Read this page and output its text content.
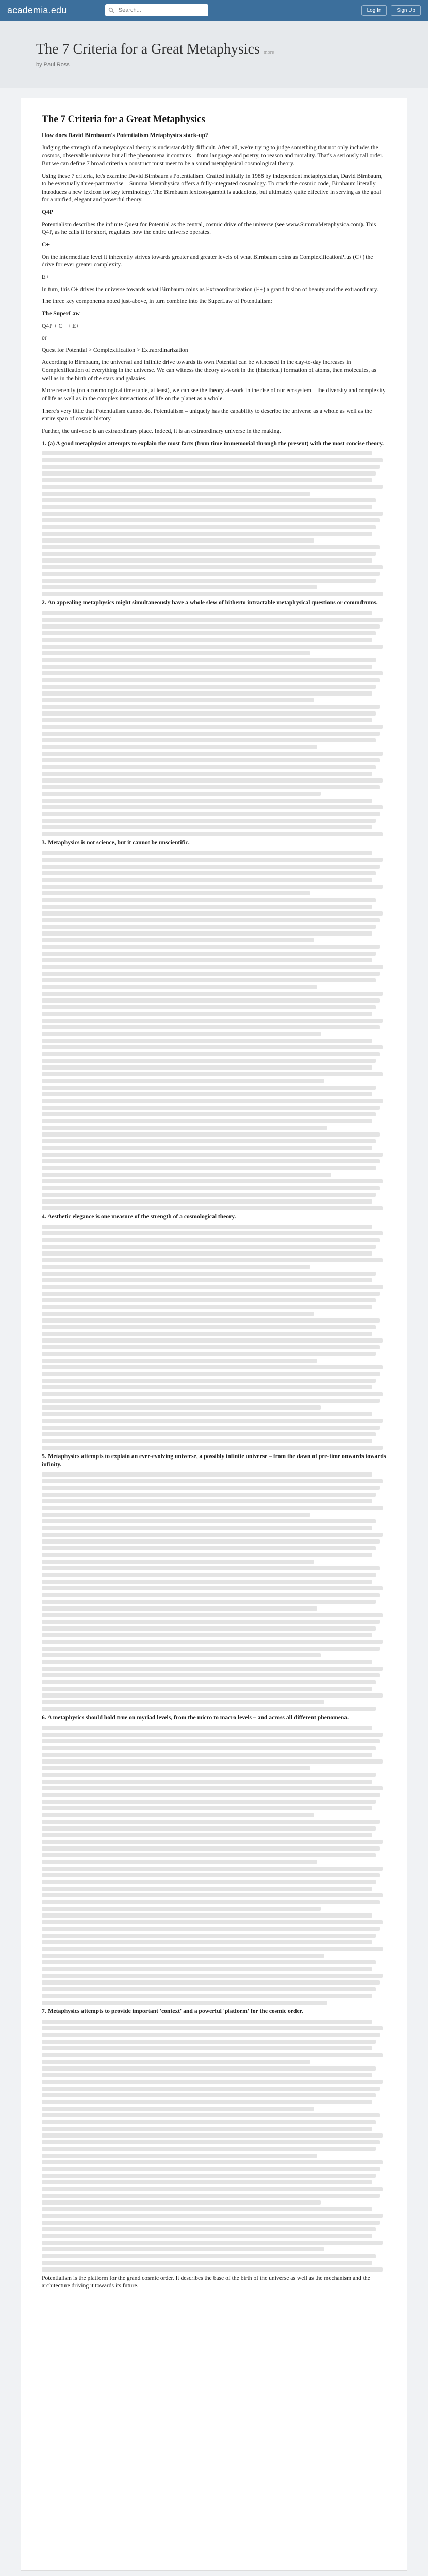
academia.edu
Search...	Log In	Sign Up
The 7 Criteria for a Great Metaphysics more
by Paul Ross
The 7 Criteria for a Great Metaphysics

How does David Birnbaum's Potentialism Metaphysics stack-up?

Judging the strength of a metaphysical theory is understandably difficult. After all, we're trying to judge something that not only includes the cosmos, observable universe but all the phenomena it contains – from language and poetry, to reason and morality. That's a seriously tall order. But we can define 7 broad criteria a construct must meet to be a sound metaphysical cosmological theory.

Using these 7 criteria, let's examine David Birnbaum's Potentialism. Crafted initially in 1988 by independent metaphysician, David Birnbaum, to be eventually three-part treatise – Summa Metaphysica offers a fully-integrated cosmology. To crack the cosmic code, Birnbaum literally introduces a new lexicon for key terminology. The Birnbaum lexicon-gambit is audacious, but ultimately quite effective in serving as the goal for a unified, elegant and powerful theory.

Q4P

Potentialism describes the infinite Quest for Potential as the central, cosmic drive of the universe (see www.SummaMetaphysica.com). This Q4P, as he calls it for short, regulates how the entire universe operates.

C+

On the intermediate level it inherently strives towards greater and greater levels of what Birnbaum coins as ComplexificationPlus (C+) the drive for ever greater complexity.

E+

In turn, this C+ drives the universe towards what Birnbaum coins as Extraordinarization (E+) a grand fusion of beauty and the extraordinary.

The three key components noted just-above, in turn combine into the SuperLaw of Potentialism:

The SuperLaw

Q4P + C+ + E+

or

Quest for Potential > Complexification > Extraordinarization

According to Birnbaum, the universal and infinite drive towards its own Potential can be witnessed in the day-to-day increases in Complexification of everything in the universe. We can witness the theory at-work in the (historical) formation of atoms, then molecules, as well as in the birth of the stars and galaxies.

More recently (on a cosmological time table, at least), we can see the theory at-work in the rise of our ecosystem – the diversity and complexity of life as well as in the complex interactions of life on the planet as a whole.

There's very little that Potentialism cannot do. Potentialism – uniquely has the capability to describe the universe as a whole as well as the entire span of cosmic history.

Further, the universe is an extraordinary place. Indeed, it is an extraordinary universe in the making.

1. (a) A good metaphysics attempts to explain the most facts (from time immemorial through the present) with the most concise theory.

2. An appealing metaphysics might simultaneously have a whole slew of hitherto intractable metaphysical questions or conundrums.

3. Metaphysics is not science, but it cannot be unscientific.

4. Aesthetic elegance is one measure of the strength of a cosmological theory.

5. Metaphysics attempts to explain an ever-evolving universe, a possibly infinite universe – from the dawn of pre-time onwards towards infinity.

6. A metaphysics should hold true on myriad levels, from the micro to macro levels – and across all different phenomena.

7. Metaphysics attempts to provide important 'context' and a powerful 'platform' for the cosmic order.

Potentialism is the platform for the grand cosmic order. It describes the base of the birth of the universe as well as the mechanism and the architecture driving it towards its future.
